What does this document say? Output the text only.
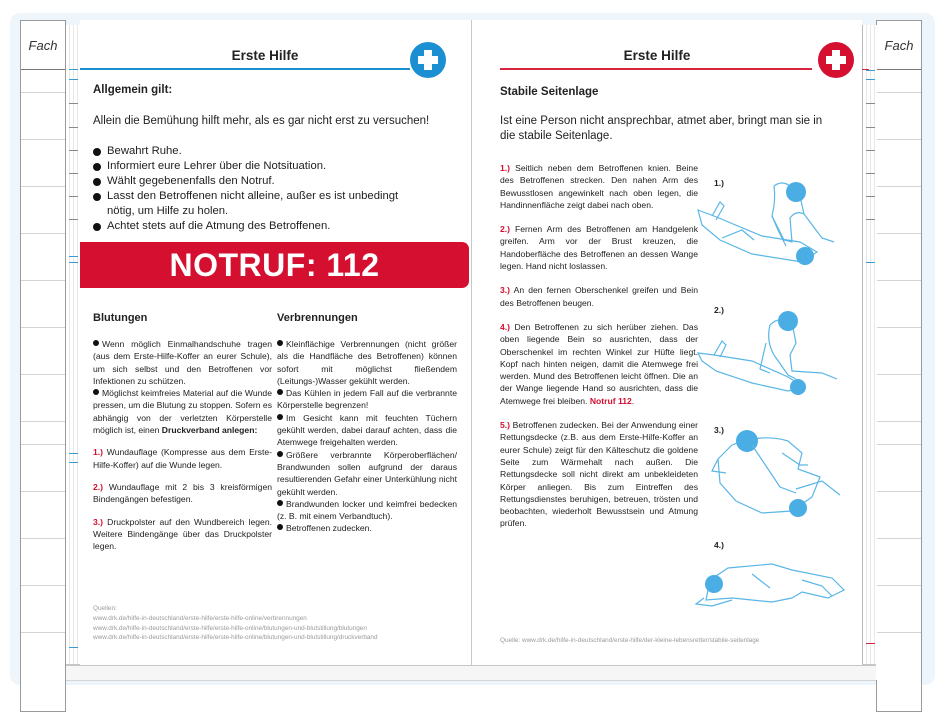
Fach	Fach
Erste Hilfe
Allgemein gilt:
Allein die Bemühung hilft mehr, als es gar nicht erst zu versuchen!
Bewahrt Ruhe.
Informiert eure Lehrer über die Notsituation.
Wählt gegebenenfalls den Notruf.
Lasst den Betroffenen nicht alleine, außer es ist unbedingt nötig, um Hilfe zu holen.
Achtet stets auf die Atmung des Betroffenen.
NOTRUF: 112
Blutungen
Wenn möglich Einmalhandschuhe tragen (aus dem Erste-Hilfe-Koffer an eurer Schule), um sich selbst und den Betroffenen vor Infektionen zu schützen.
Möglichst keimfreies Material auf die Wunde pressen, um die Blutung zu stoppen. Sofern es abhängig von der verletzten Körperstelle möglich ist, einen Druckverband anlegen:

1.) Wundauflage (Kompresse aus dem Erste-Hilfe-Koffer) auf die Wunde legen.

2.) Wundauflage mit 2 bis 3 kreisförmigen Bindengängen befestigen.

3.) Druckpolster auf den Wundbereich legen. Weitere Bindengänge über das Druckpolster legen.

Verbrennungen
Kleinflächige Verbrennungen (nicht größer als die Handfläche des Betroffenen) können sofort mit möglichst fließendem (Leitungs-)Wasser gekühlt werden.
Das Kühlen in jedem Fall auf die verbrannte Körperstelle begrenzen!
Im Gesicht kann mit feuchten Tüchern gekühlt werden, dabei darauf achten, dass die Atemwege freigehalten werden.
Größere verbrannte Körperoberflächen/ Brandwunden sollen aufgrund der daraus resultierenden Gefahr einer Unterkühlung nicht gekühlt werden.
Brandwunden locker und keimfrei bedecken (z. B. mit einem Verbandtuch).
Betroffenen zudecken.
Quellen:
www.drk.de/hilfe-in-deutschland/erste-hilfe/erste-hilfe-online/verbrennungen
www.drk.de/hilfe-in-deutschland/erste-hilfe/erste-hilfe-online/blutungen-und-blutstillung/blutungen
www.drk.de/hilfe-in-deutschland/erste-hilfe/erste-hilfe-online/blutungen-und-blutstillung/druckverband
Erste Hilfe
Stabile Seitenlage
Ist eine Person nicht ansprechbar, atmet aber, bringt man sie in die stabile Seitenlage.

1.) Seitlich neben dem Betroffenen knien. Beine des Betroffenen strecken. Den nahen Arm des Bewusstlosen angewinkelt nach oben legen, die Handinnenfläche zeigt dabei nach oben.

2.) Fernen Arm des Betroffenen am Handgelenk greifen. Arm vor der Brust kreuzen, die Handoberfläche des Betroffenen an dessen Wange legen. Hand nicht loslassen.

3.) An den fernen Oberschenkel greifen und Bein des Betroffenen beugen.

4.) Den Betroffenen zu sich herüber ziehen. Das oben liegende Bein so ausrichten, dass der Oberschenkel im rechten Winkel zur Hüfte liegt. Kopf nach hinten neigen, damit die Atemwege frei werden. Mund des Betroffenen leicht öffnen. Die an der Wange liegende Hand so ausrichten, dass die Atemwege frei bleiben. Notruf 112.

5.) Betroffenen zudecken. Bei der Anwendung einer Rettungsdecke (z.B. aus dem Erste-Hilfe-Koffer an eurer Schule) zeigt für den Kälteschutz die goldene Seite zum Wärmehalt nach außen. Die Rettungsdecke soll nicht direkt am unbekleideten Körper anliegen. Bis zum Eintreffen des Rettungsdienstes beruhigen, betreuen, trösten und beobachten, wiederholt Bewusstsein und Atmung prüfen.

1.)
2.)
3.)
4.)
Quelle: www.drk.de/hilfe-in-deutschland/erste-hilfe/der-kleine-lebensretter/stabile-seitenlage
